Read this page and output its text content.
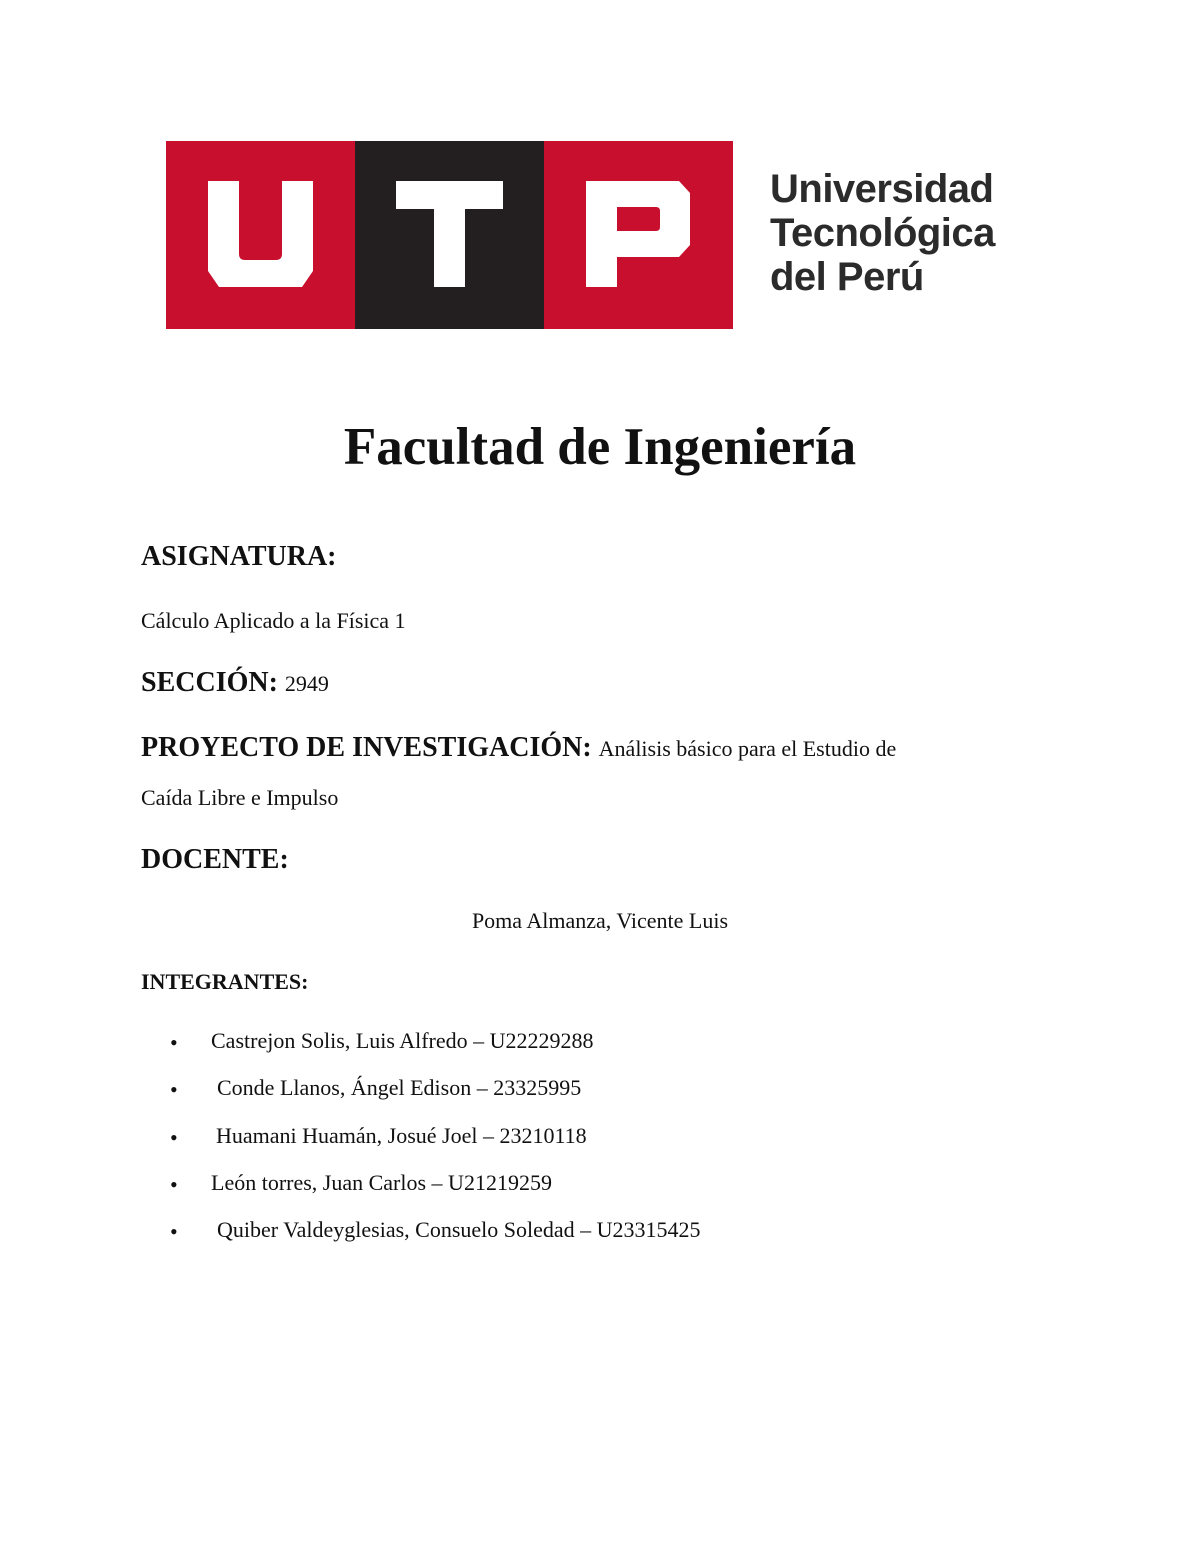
Universidad
Tecnológica
del Perú
Facultad de Ingeniería
ASIGNATURA:
Cálculo Aplicado a la Física 1
SECCIÓN: 2949
PROYECTO DE INVESTIGACIÓN: Análisis básico para el Estudio de
Caída Libre e Impulso
DOCENTE:
Poma Almanza, Vicente Luis
INTEGRANTES:
• Castrejon Solis, Luis Alfredo – U22229288
• Conde Llanos, Ángel Edison – 23325995
• Huamani Huamán, Josué Joel – 23210118
• León torres, Juan Carlos – U21219259
• Quiber Valdeyglesias, Consuelo Soledad – U23315425
